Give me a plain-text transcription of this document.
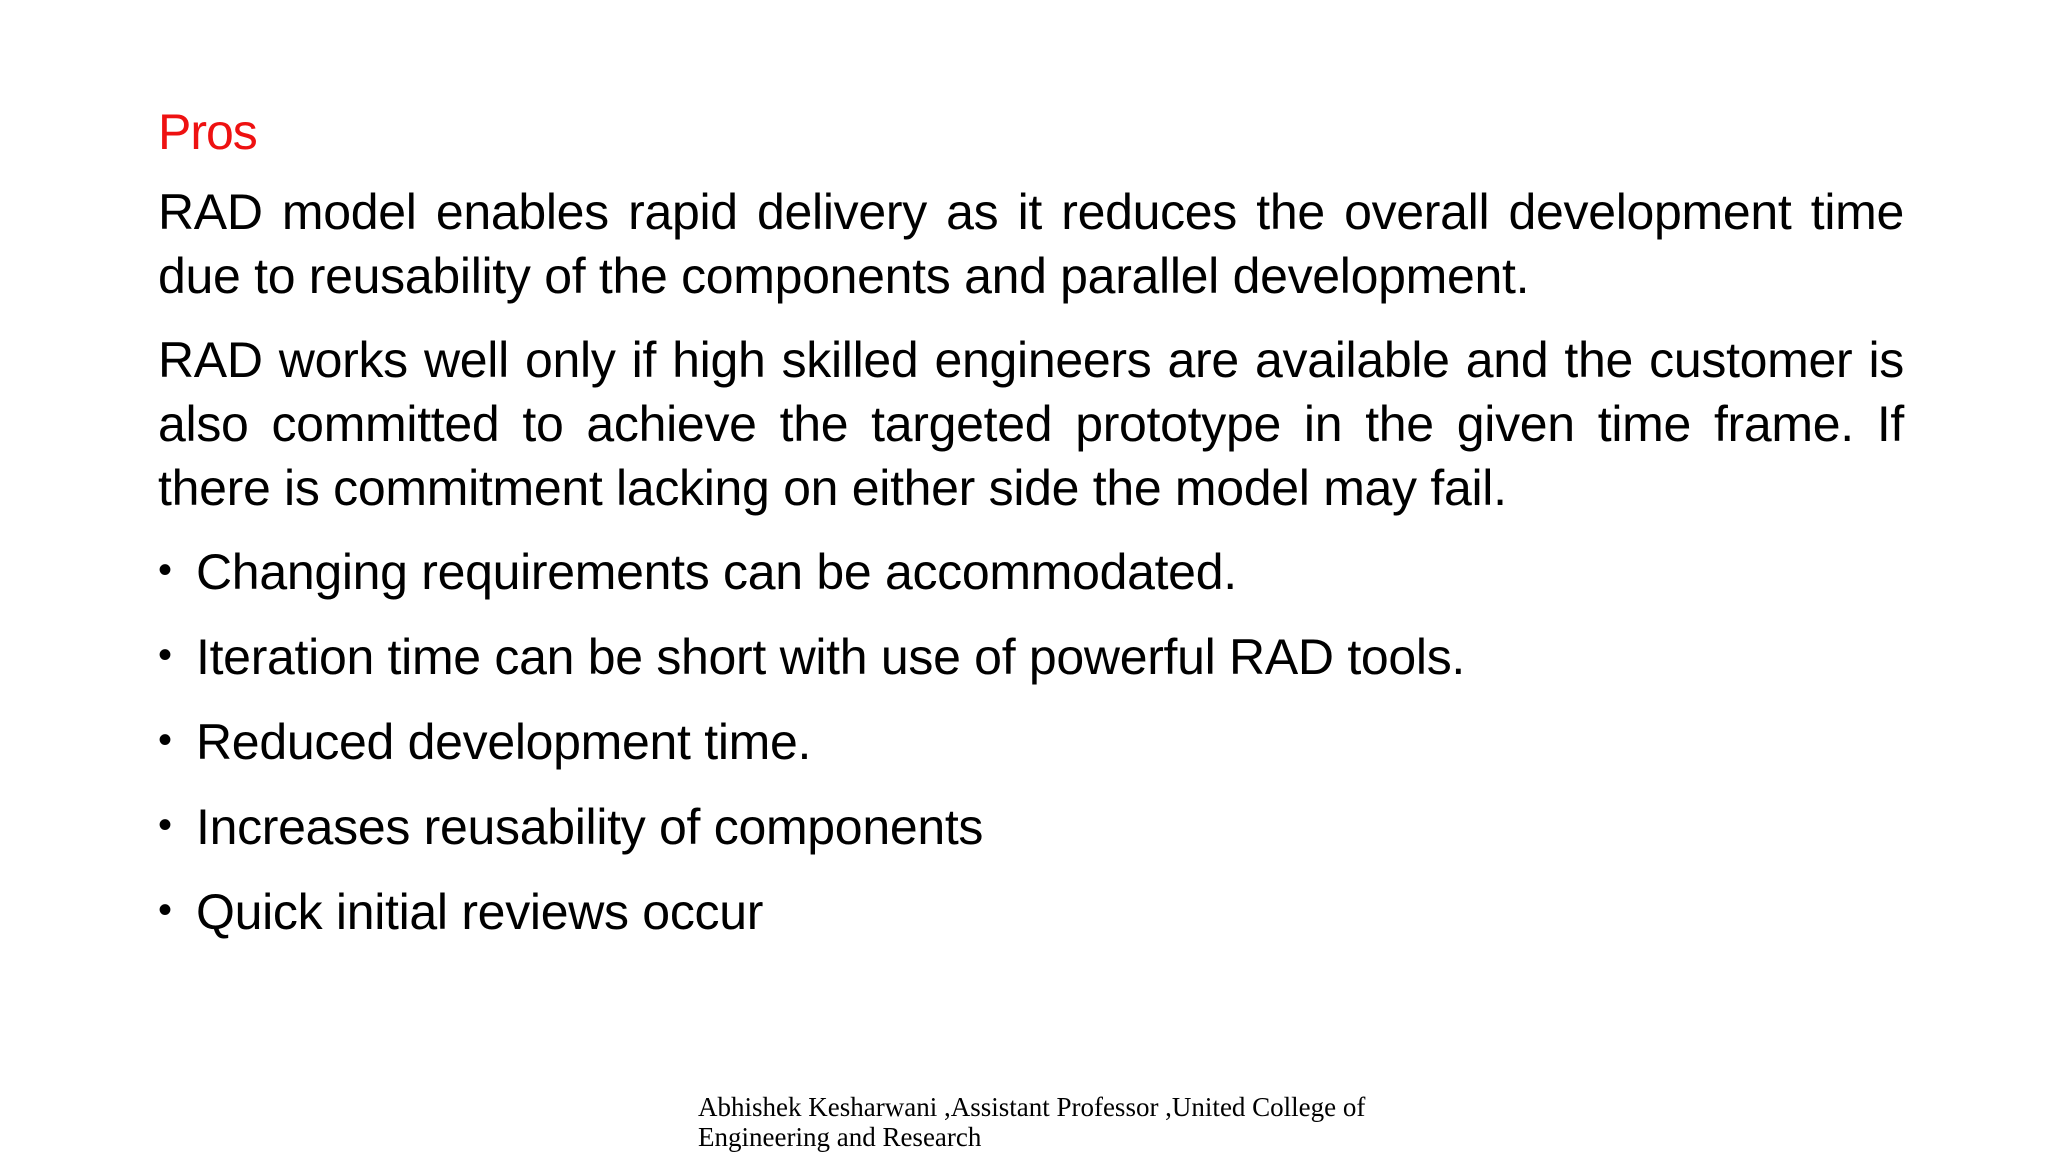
Pros

RAD model enables rapid delivery as it reduces the overall development time due to reusability of the components and parallel development.

RAD works well only if high skilled engineers are available and the customer is also committed to achieve the targeted prototype in the given time frame. If there is commitment lacking on either side the model may fail.

• Changing requirements can be accommodated.
• Iteration time can be short with use of powerful RAD tools.
• Reduced development time.
• Increases reusability of components
• Quick initial reviews occur
Abhishek Kesharwani ,Assistant Professor ,United College of Engineering and Research
